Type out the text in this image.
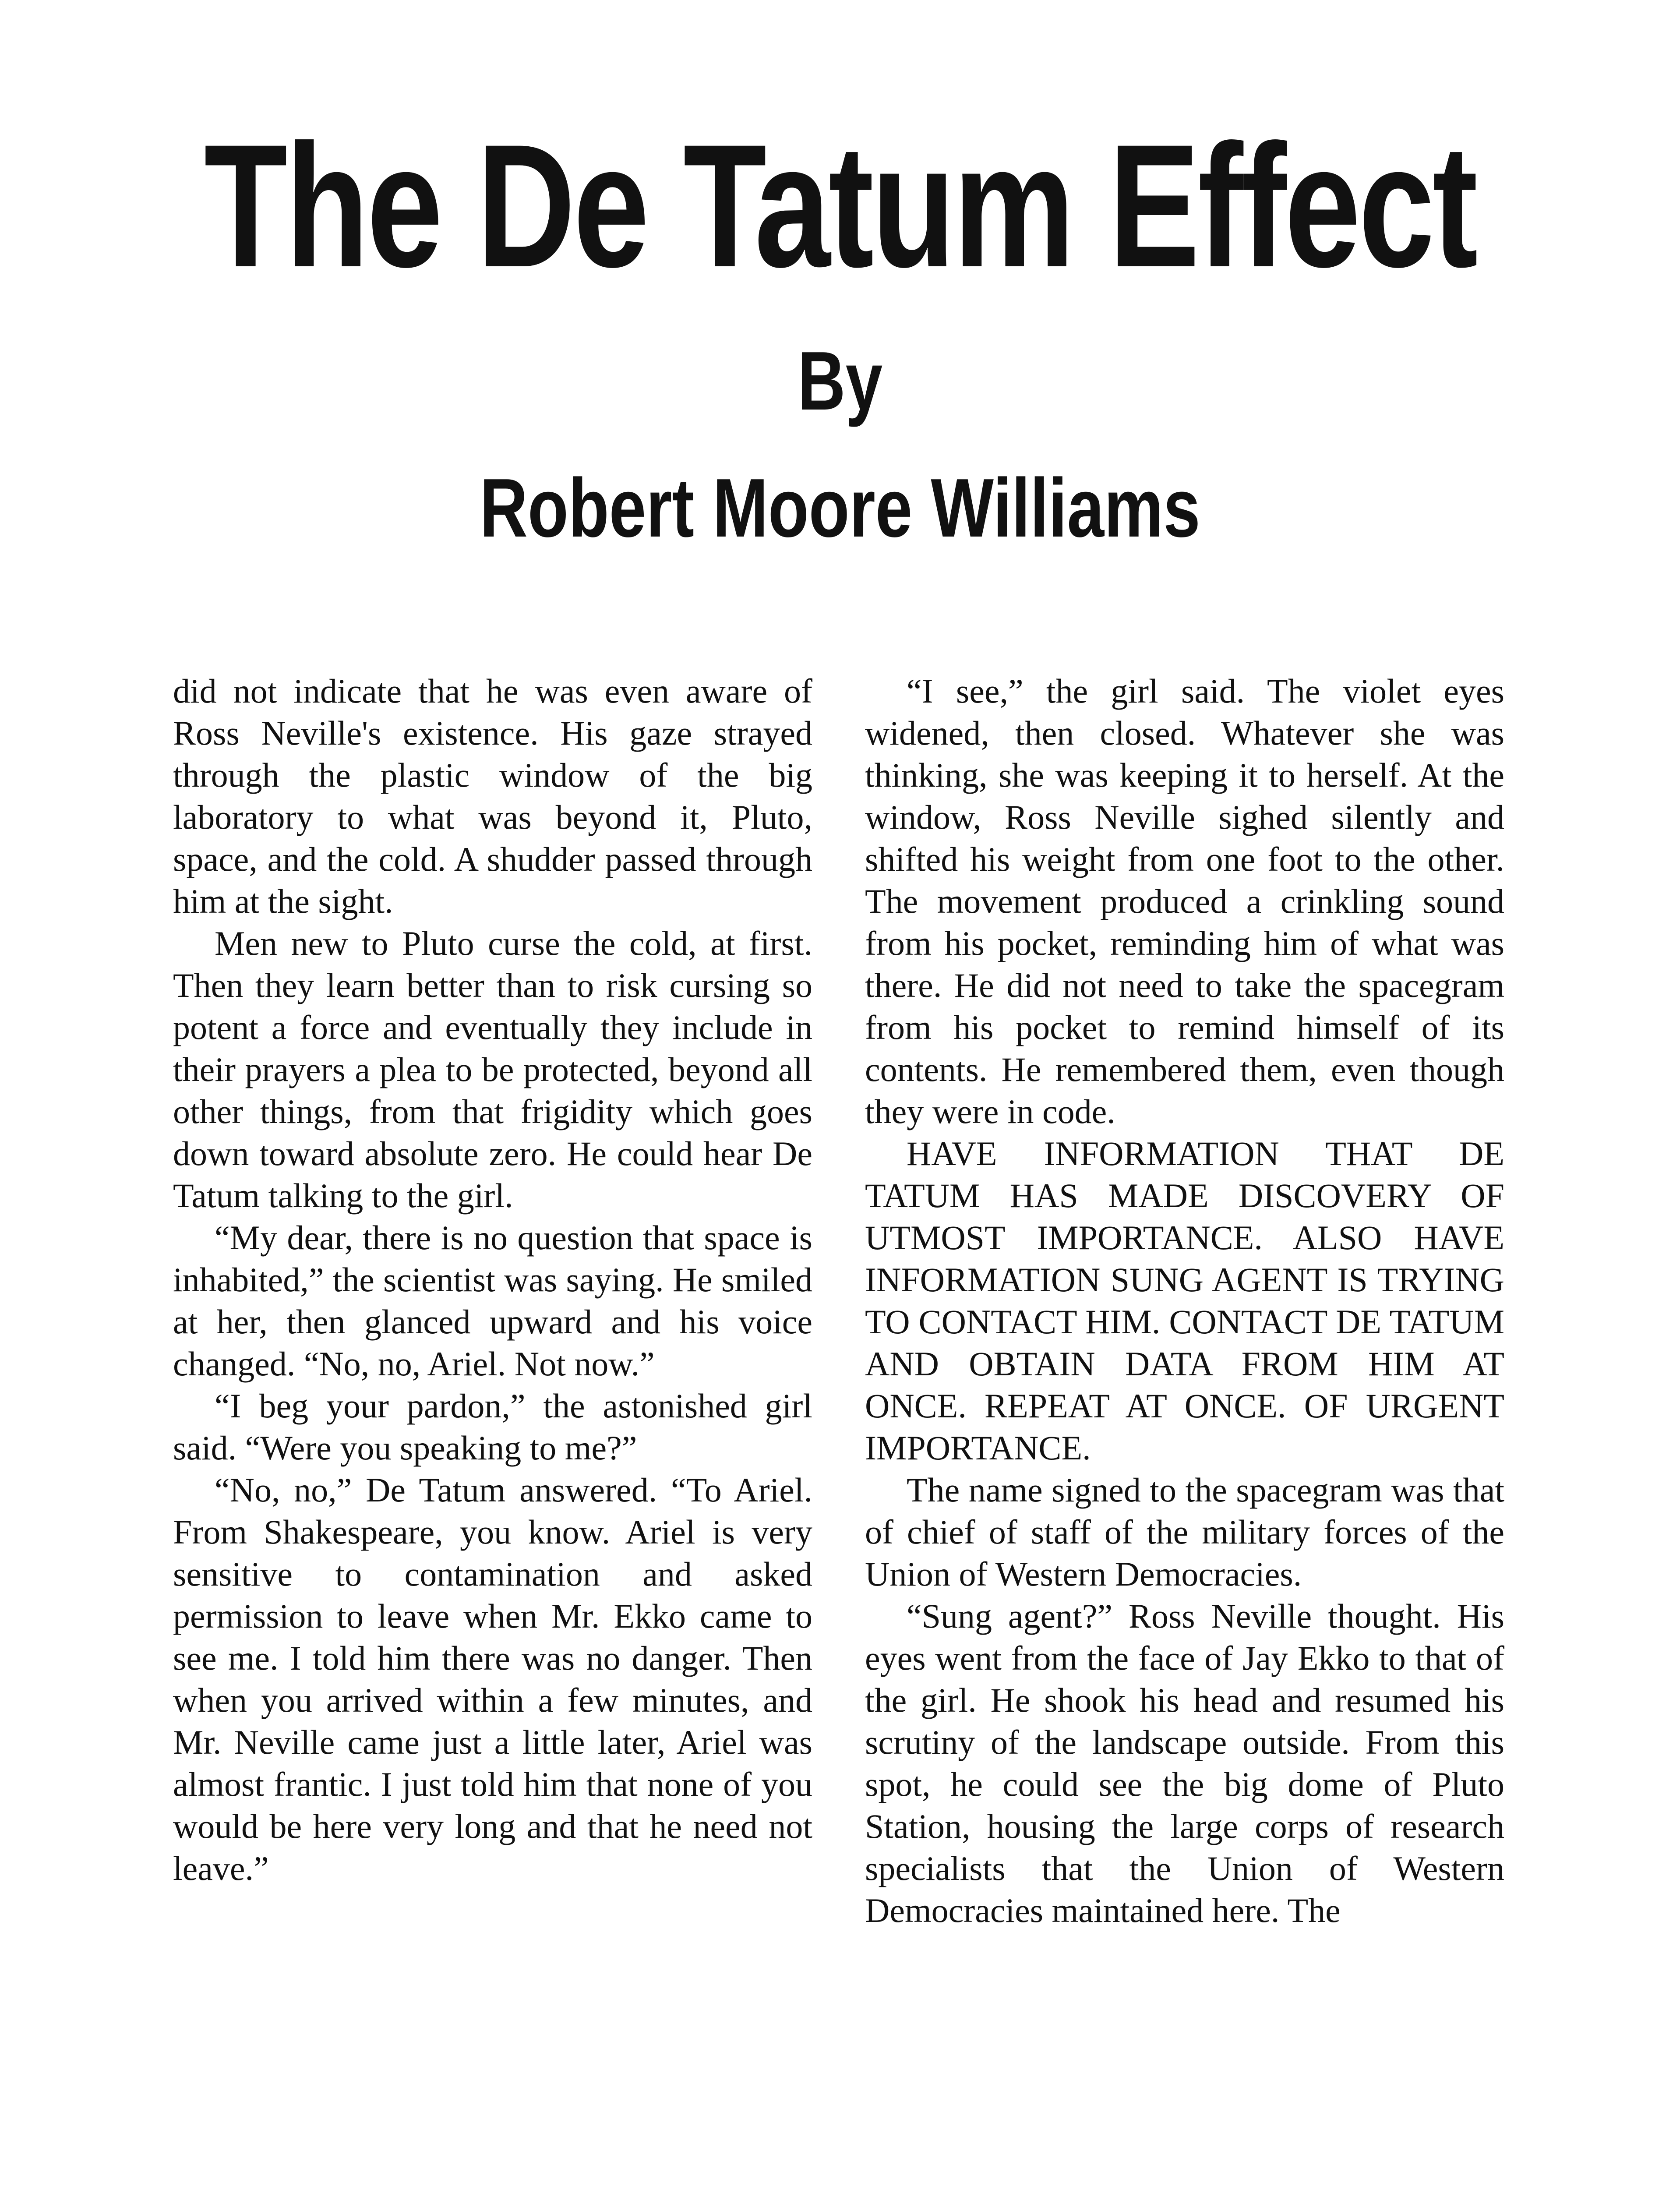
The De Tatum Effect
By
Robert Moore Williams

did not indicate that he was even aware of Ross Neville's existence. His gaze strayed through the plastic window of the big laboratory to what was beyond it, Pluto, space, and the cold. A shudder passed through him at the sight.

Men new to Pluto curse the cold, at first. Then they learn better than to risk cursing so potent a force and eventually they include in their prayers a plea to be protected, beyond all other things, from that frigidity which goes down toward absolute zero. He could hear De Tatum talking to the girl.

“My dear, there is no question that space is inhabited,” the scientist was saying. He smiled at her, then glanced upward and his voice changed. “No, no, Ariel. Not now.”

“I beg your pardon,” the astonished girl said. “Were you speaking to me?”

“No, no,” De Tatum answered. “To Ariel. From Shakespeare, you know. Ariel is very sensitive to contamination and asked permission to leave when Mr. Ekko came to see me. I told him there was no danger. Then when you arrived within a few minutes, and Mr. Neville came just a little later, Ariel was almost frantic. I just told him that none of you would be here very long and that he need not leave.”

“I see,” the girl said. The violet eyes widened, then closed. Whatever she was thinking, she was keeping it to herself. At the window, Ross Neville sighed silently and shifted his weight from one foot to the other. The movement produced a crinkling sound from his pocket, reminding him of what was there. He did not need to take the spacegram from his pocket to remind himself of its contents. He remembered them, even though they were in code.

HAVE INFORMATION THAT DE TATUM HAS MADE DISCOVERY OF UTMOST IMPORTANCE. ALSO HAVE INFORMATION SUNG AGENT IS TRYING TO CONTACT HIM. CONTACT DE TATUM AND OBTAIN DATA FROM HIM AT ONCE. REPEAT AT ONCE. OF URGENT IMPORTANCE.

The name signed to the spacegram was that of chief of staff of the military forces of the Union of Western Democracies.

“Sung agent?” Ross Neville thought. His eyes went from the face of Jay Ekko to that of the girl. He shook his head and resumed his scrutiny of the landscape outside. From this spot, he could see the big dome of Pluto Station, housing the large corps of research specialists that the Union of Western Democracies maintained here. The
